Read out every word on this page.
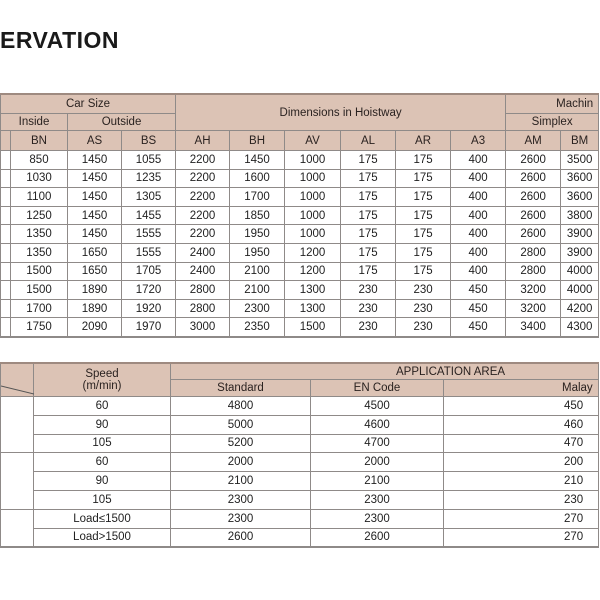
ERVATION
Car Size				Dimensions in Hoistway						Machin	
Inside		Outside								Simplex	
	BN	AS	BS	AH	BH	AV	AL	AR	A3	AM	BM
	850	1450	1055	2200	1450	1000	175	175	400	2600	3500
	1030	1450	1235	2200	1600	1000	175	175	400	2600	3600
	1100	1450	1305	2200	1700	1000	175	175	400	2600	3600
	1250	1450	1455	2200	1850	1000	175	175	400	2600	3800
	1350	1450	1555	2200	1950	1000	175	175	400	2600	3900
	1350	1650	1555	2400	1950	1200	175	175	400	2800	3900
	1500	1650	1705	2400	2100	1200	175	175	400	2800	4000
	1500	1890	1720	2800	2100	1300	230	230	450	3200	4000
	1700	1890	1920	2800	2300	1300	230	230	450	3200	4200
	1750	2090	1970	3000	2350	1500	230	230	450	3400	4300

Speed
(m/min)	APPLICATION AREA		
		Standard	EN Code	Malay
	60	4800	4500	450
	90	5000	4600	460
	105	5200	4700	470
	60	2000	2000	200
	90	2100	2100	210
	105	2300	2300	230
	Load≤1500	2300	2300	270
	Load>1500	2600	2600	270
